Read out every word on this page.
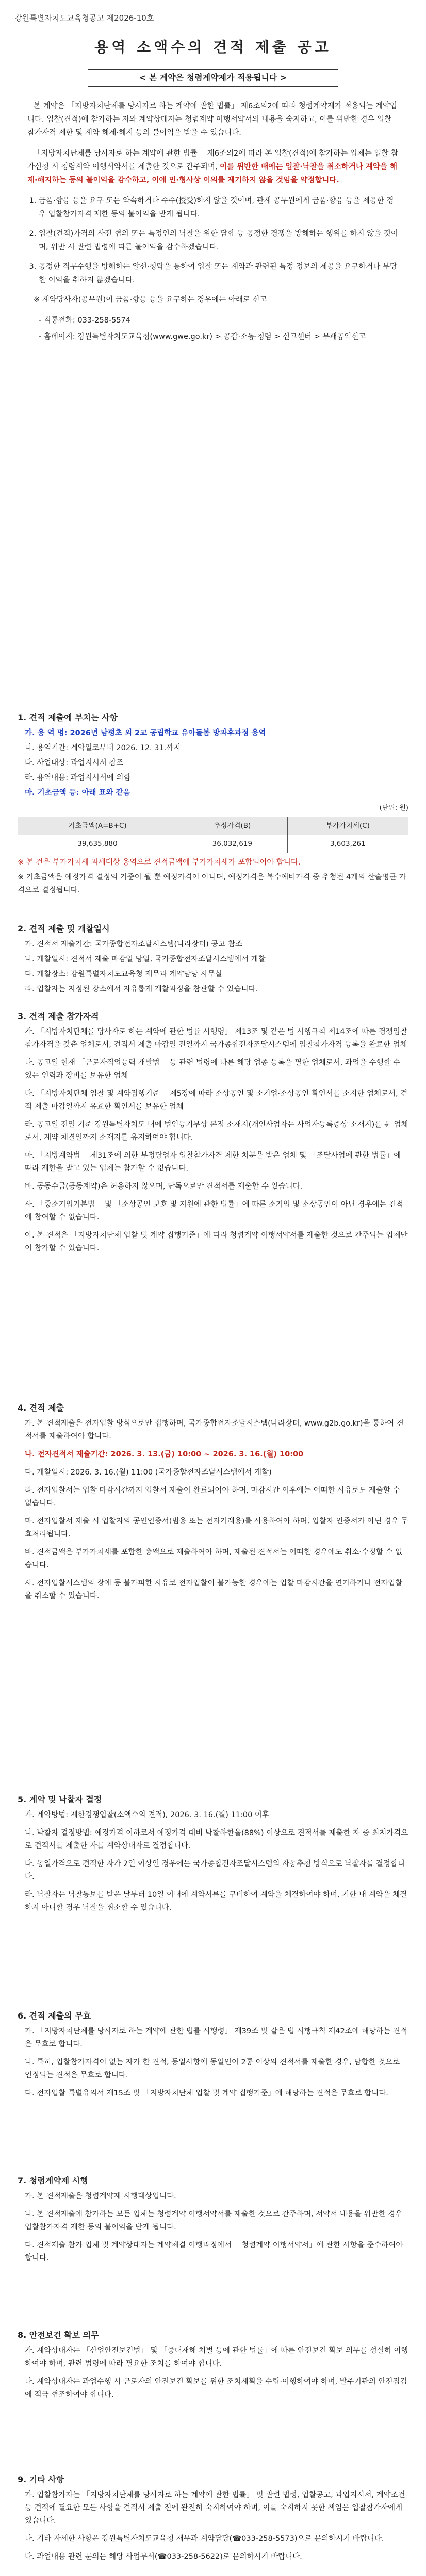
강원특별자치도교육청공고 제2026-10호
용역 소액수의 견적 제출 공고
< 본 계약은 청렴계약제가 적용됩니다 >

본 계약은 「지방자치단체를 당사자로 하는 계약에 관한 법률」 제6조의2에 따라 청렴계약제가 적용되는 계약입니다. 입찰(견적)에 참가하는 자와 계약상대자는 청렴계약 이행서약서의 내용을 숙지하고, 이를 위반한 경우 입찰참가자격 제한 및 계약 해제·해지 등의 불이익을 받을 수 있습니다.

「지방자치단체를 당사자로 하는 계약에 관한 법률」 제6조의2에 따라 본 입찰(견적)에 참가하는 업체는 입찰 참가신청 시 청렴계약 이행서약서를 제출한 것으로 간주되며, 이를 위반한 때에는 입찰·낙찰을 취소하거나 계약을 해제·해지하는 등의 불이익을 감수하고, 이에 민·형사상 이의를 제기하지 않을 것임을 약정합니다.

1. 금품·향응 등을 요구 또는 약속하거나 수수(授受)하지 않을 것이며, 관계 공무원에게 금품·향응 등을 제공한 경우 입찰참가자격 제한 등의 불이익을 받게 됩니다.
2. 입찰(견적)가격의 사전 협의 또는 특정인의 낙찰을 위한 담합 등 공정한 경쟁을 방해하는 행위를 하지 않을 것이며, 위반 시 관련 법령에 따른 불이익을 감수하겠습니다.
3. 공정한 직무수행을 방해하는 알선·청탁을 통하여 입찰 또는 계약과 관련된 특정 정보의 제공을 요구하거나 부당한 이익을 취하지 않겠습니다.

※ 계약당사자(공무원)이 금품·향응 등을 요구하는 경우에는 아래로 신고

- 직통전화: 033-258-5574
- 홈페이지: 강원특별자치도교육청(www.gwe.go.kr) > 공감·소통·청렴 > 신고센터 > 부패공익신고
1. 견적 제출에 부치는 사항
가. 용 역 명: 2026년 남평초 외 2교 공립학교 유아돌봄 방과후과정 용역
나. 용역기간: 계약일로부터 2026. 12. 31.까지
다. 사업대상: 과업지시서 참조
라. 용역내용: 과업지시서에 의함
마. 기초금액 등: 아래 표와 같음
(단위: 원)
기초금액(A=B+C)	추정가격(B)	부가가치세(C)
39,635,880	36,032,619	3,603,261
※ 본 건은 부가가치세 과세대상 용역으로 견적금액에 부가가치세가 포함되어야 합니다.
※ 기초금액은 예정가격 결정의 기준이 될 뿐 예정가격이 아니며, 예정가격은 복수예비가격 중 추첨된 4개의 산술평균 가격으로 결정됩니다.
2. 견적 제출 및 개찰일시
가. 견적서 제출기간: 국가종합전자조달시스템(나라장터) 공고 참조
나. 개찰일시: 견적서 제출 마감일 당일, 국가종합전자조달시스템에서 개찰
다. 개찰장소: 강원특별자치도교육청 재무과 계약담당 사무실
라. 입찰자는 지정된 장소에서 자유롭게 개찰과정을 참관할 수 있습니다.
3. 견적 제출 참가자격
가. 「지방자치단체를 당사자로 하는 계약에 관한 법률 시행령」 제13조 및 같은 법 시행규칙 제14조에 따른 경쟁입찰 참가자격을 갖춘 업체로서, 견적서 제출 마감일 전일까지 국가종합전자조달시스템에 입찰참가자격 등록을 완료한 업체
나. 공고일 현재 「근로자직업능력 개발법」 등 관련 법령에 따른 해당 업종 등록을 필한 업체로서, 과업을 수행할 수 있는 인력과 장비를 보유한 업체
다. 「지방자치단체 입찰 및 계약집행기준」 제5장에 따라 소상공인 및 소기업·소상공인 확인서를 소지한 업체로서, 견적 제출 마감일까지 유효한 확인서를 보유한 업체
라. 공고일 전일 기준 강원특별자치도 내에 법인등기부상 본점 소재지(개인사업자는 사업자등록증상 소재지)를 둔 업체로서, 계약 체결일까지 소재지를 유지하여야 합니다.
마. 「지방계약법」 제31조에 의한 부정당업자 입찰참가자격 제한 처분을 받은 업체 및 「조달사업에 관한 법률」에 따라 제한을 받고 있는 업체는 참가할 수 없습니다.
바. 공동수급(공동계약)은 허용하지 않으며, 단독으로만 견적서를 제출할 수 있습니다.
사. 「중소기업기본법」 및 「소상공인 보호 및 지원에 관한 법률」에 따른 소기업 및 소상공인이 아닌 경우에는 견적에 참여할 수 없습니다.
아. 본 견적은 「지방자치단체 입찰 및 계약 집행기준」에 따라 청렴계약 이행서약서를 제출한 것으로 간주되는 업체만이 참가할 수 있습니다.
4. 견적 제출
가. 본 견적제출은 전자입찰 방식으로만 집행하며, 국가종합전자조달시스템(나라장터, www.g2b.go.kr)을 통하여 견적서를 제출하여야 합니다.
나. 전자견적서 제출기간: 2026. 3. 13.(금) 10:00 ~ 2026. 3. 16.(월) 10:00
다. 개찰일시: 2026. 3. 16.(월) 11:00 (국가종합전자조달시스템에서 개찰)
라. 전자입찰서는 입찰 마감시간까지 입찰서 제출이 완료되어야 하며, 마감시간 이후에는 어떠한 사유로도 제출할 수 없습니다.
마. 전자입찰서 제출 시 입찰자의 공인인증서(범용 또는 전자거래용)를 사용하여야 하며, 입찰자 인증서가 아닌 경우 무효처리됩니다.
바. 견적금액은 부가가치세를 포함한 총액으로 제출하여야 하며, 제출된 견적서는 어떠한 경우에도 취소·수정할 수 없습니다.
사. 전자입찰시스템의 장애 등 불가피한 사유로 전자입찰이 불가능한 경우에는 입찰 마감시간을 연기하거나 전자입찰을 취소할 수 있습니다.
5. 계약 및 낙찰자 결정
가. 계약방법: 제한경쟁입찰(소액수의 견적), 2026. 3. 16.(월) 11:00 이후
나. 낙찰자 결정방법: 예정가격 이하로서 예정가격 대비 낙찰하한율(88%) 이상으로 견적서를 제출한 자 중 최저가격으로 견적서를 제출한 자를 계약상대자로 결정합니다.
다. 동일가격으로 견적한 자가 2인 이상인 경우에는 국가종합전자조달시스템의 자동추첨 방식으로 낙찰자를 결정합니다.
라. 낙찰자는 낙찰통보를 받은 날부터 10일 이내에 계약서류를 구비하여 계약을 체결하여야 하며, 기한 내 계약을 체결하지 아니할 경우 낙찰을 취소할 수 있습니다.
6. 견적 제출의 무효
가. 「지방자치단체를 당사자로 하는 계약에 관한 법률 시행령」 제39조 및 같은 법 시행규칙 제42조에 해당하는 견적은 무효로 합니다.
나. 특히, 입찰참가자격이 없는 자가 한 견적, 동일사항에 동일인이 2통 이상의 견적서를 제출한 경우, 담합한 것으로 인정되는 견적은 무효로 합니다.
다. 전자입찰 특별유의서 제15조 및 「지방자치단체 입찰 및 계약 집행기준」에 해당하는 견적은 무효로 합니다.
7. 청렴계약제 시행
가. 본 견적제출은 청렴계약제 시행대상입니다.
나. 본 견적제출에 참가하는 모든 업체는 청렴계약 이행서약서를 제출한 것으로 간주하며, 서약서 내용을 위반한 경우 입찰참가자격 제한 등의 불이익을 받게 됩니다.
다. 견적제출 참가 업체 및 계약상대자는 계약체결 이행과정에서 「청렴계약 이행서약서」에 관한 사항을 준수하여야 합니다.
8. 안전보건 확보 의무
가. 계약상대자는 「산업안전보건법」 및 「중대재해 처벌 등에 관한 법률」에 따른 안전보건 확보 의무를 성실히 이행하여야 하며, 관련 법령에 따라 필요한 조치를 하여야 합니다.
나. 계약상대자는 과업수행 시 근로자의 안전보건 확보를 위한 조치계획을 수립·이행하여야 하며, 발주기관의 안전점검에 적극 협조하여야 합니다.
9. 기타 사항
가. 입찰참가자는 「지방자치단체를 당사자로 하는 계약에 관한 법률」 및 관련 법령, 입찰공고, 과업지시서, 계약조건 등 견적에 필요한 모든 사항을 견적서 제출 전에 완전히 숙지하여야 하며, 이를 숙지하지 못한 책임은 입찰참가자에게 있습니다.
나. 기타 자세한 사항은 강원특별자치도교육청 재무과 계약담당(☎033-258-5573)으로 문의하시기 바랍니다.
다. 과업내용 관련 문의는 해당 사업부서(☎033-258-5622)로 문의하시기 바랍니다.
